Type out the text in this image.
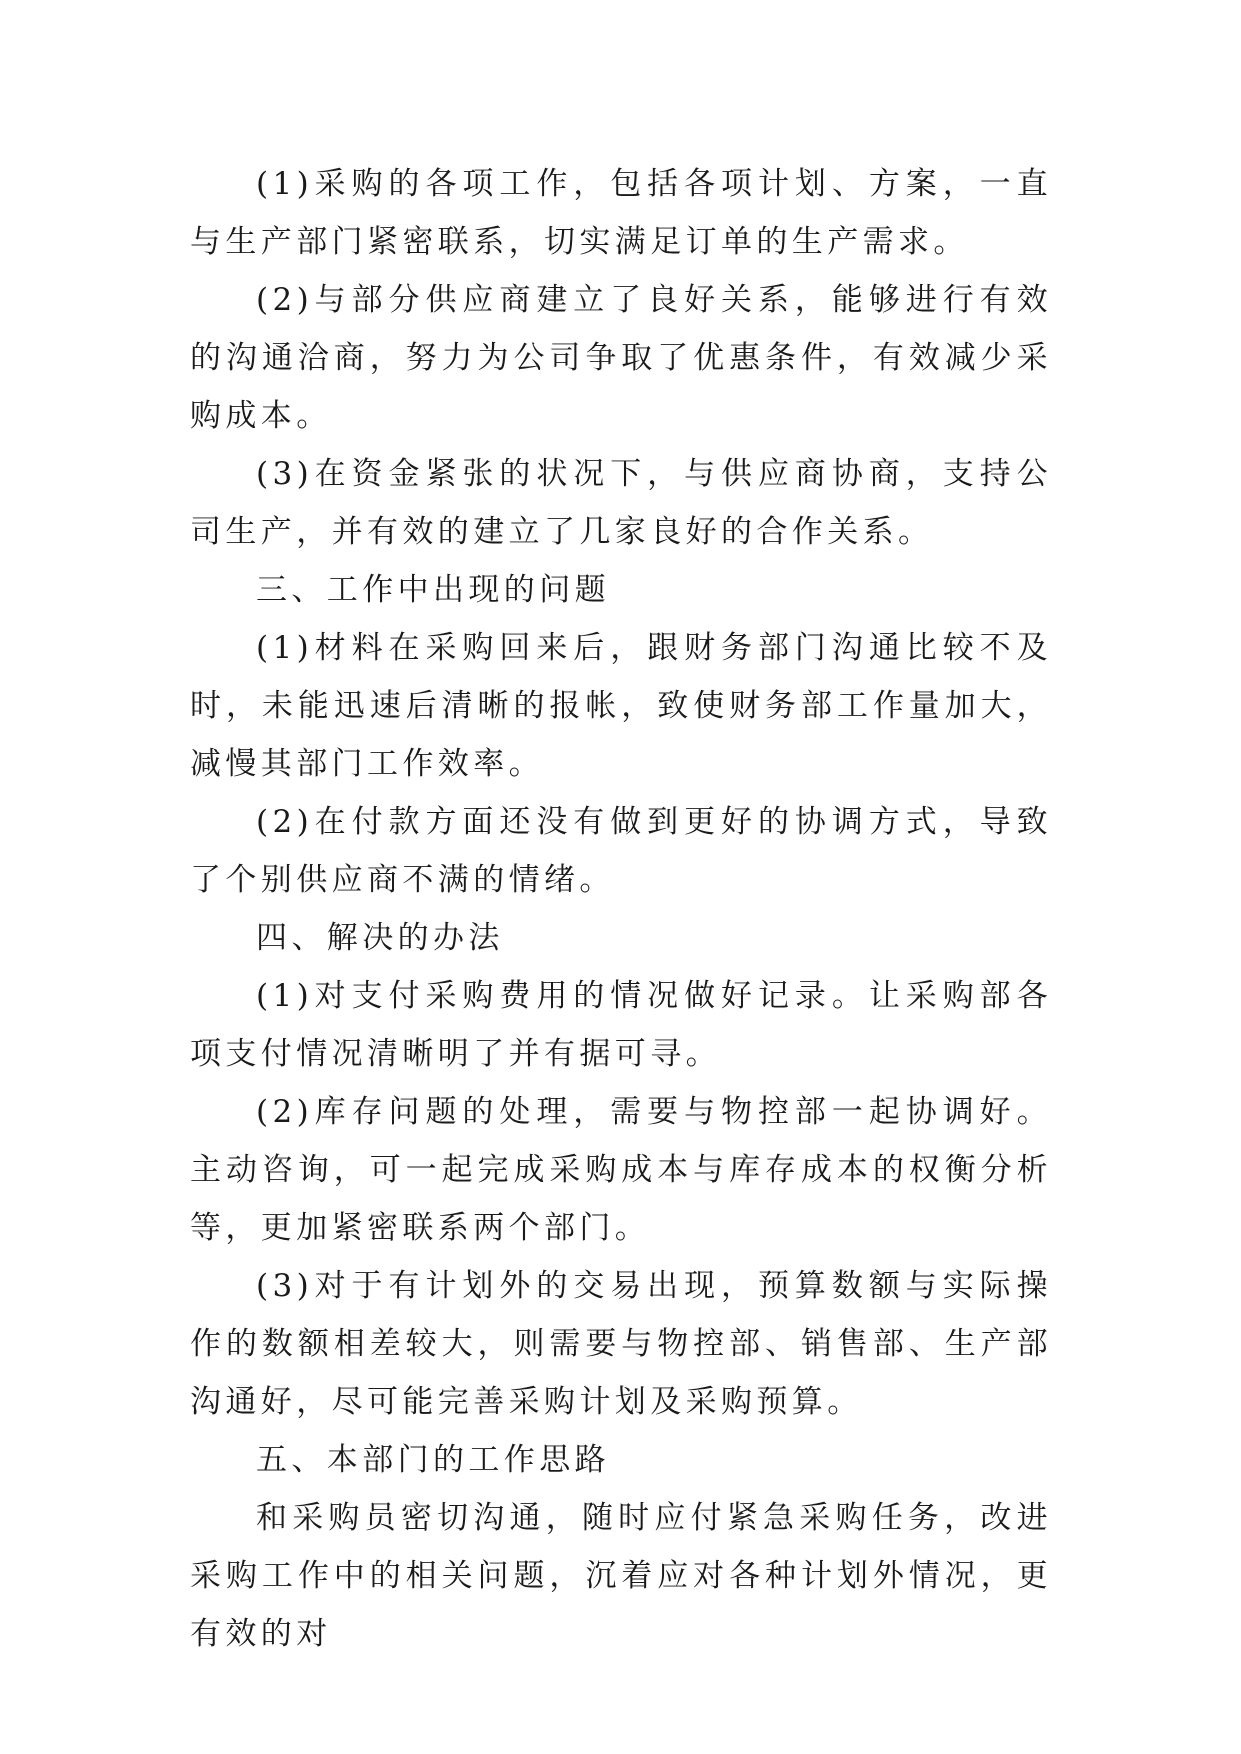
(1)采购的各项工作，包括各项计划、方案，一直与生产部门紧密联系，切实满足订单的生产需求。

(2)与部分供应商建立了良好关系，能够进行有效的沟通洽商，努力为公司争取了优惠条件，有效减少采购成本。

(3)在资金紧张的状况下，与供应商协商，支持公司生产，并有效的建立了几家良好的合作关系。

三、工作中出现的问题

(1)材料在采购回来后，跟财务部门沟通比较不及时，未能迅速后清晰的报帐，致使财务部工作量加大，减慢其部门工作效率。

(2)在付款方面还没有做到更好的协调方式，导致了个别供应商不满的情绪。

四、解决的办法

(1)对支付采购费用的情况做好记录。让采购部各项支付情况清晰明了并有据可寻。

(2)库存问题的处理，需要与物控部一起协调好。主动咨询，可一起完成采购成本与库存成本的权衡分析等，更加紧密联系两个部门。

(3)对于有计划外的交易出现，预算数额与实际操作的数额相差较大，则需要与物控部、销售部、生产部沟通好，尽可能完善采购计划及采购预算。

五、本部门的工作思路

和采购员密切沟通，随时应付紧急采购任务，改进采购工作中的相关问题，沉着应对各种计划外情况，更有效的对
